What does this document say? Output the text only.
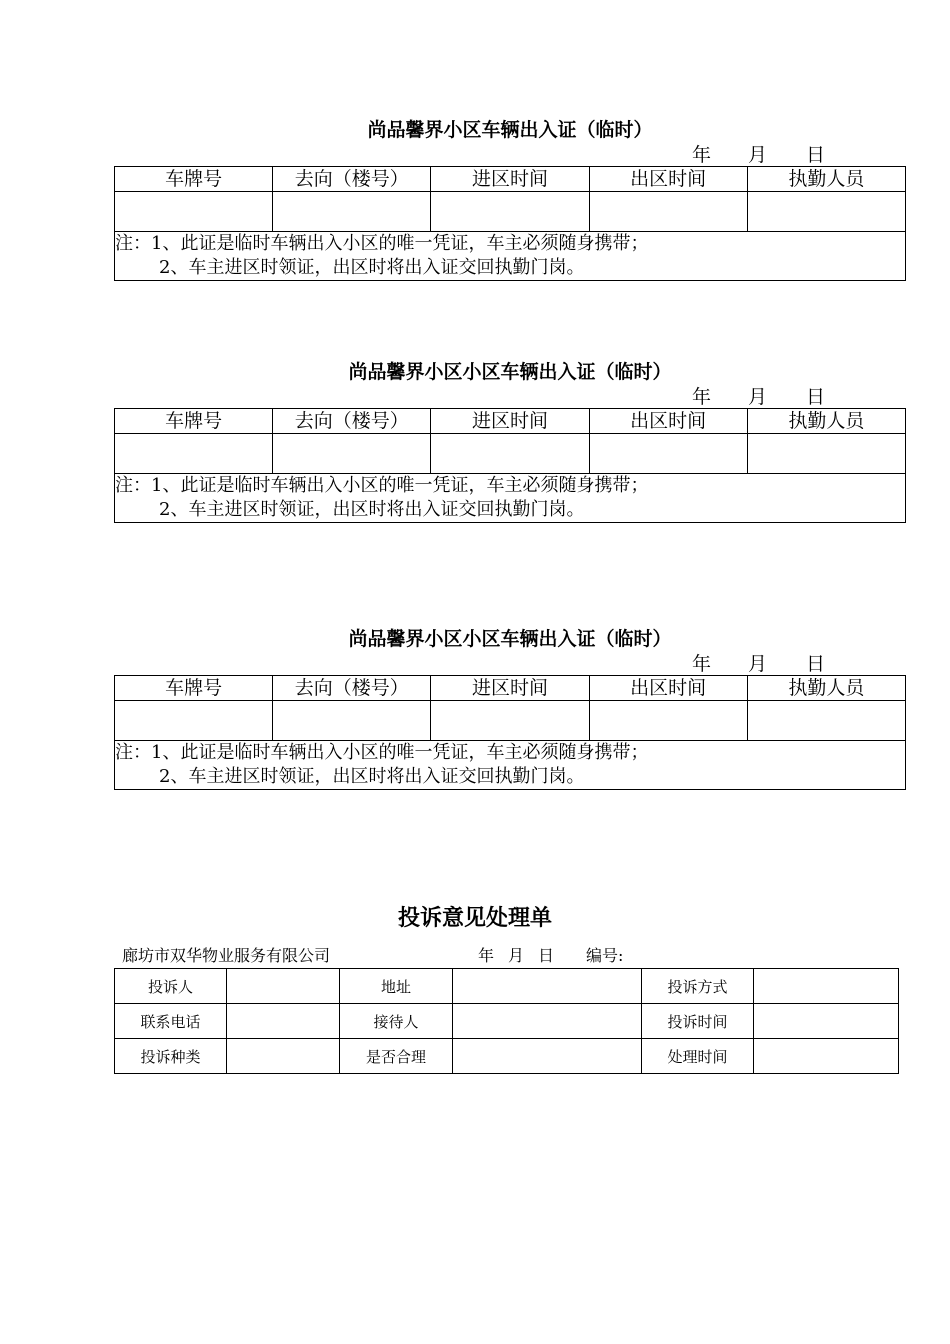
尚品馨界小区车辆出入证（临时）
年 月 日
车牌号	去向（楼号）	进区时间	出区时间	执勤人员

注：1、此证是临时车辆出入小区的唯一凭证，车主必须随身携带；
2、车主进区时领证，出区时将出入证交回执勤门岗。				
尚品馨界小区小区车辆出入证（临时）
年 月 日
车牌号	去向（楼号）	进区时间	出区时间	执勤人员

注：1、此证是临时车辆出入小区的唯一凭证，车主必须随身携带；
2、车主进区时领证，出区时将出入证交回执勤门岗。				
尚品馨界小区小区车辆出入证（临时）
年 月 日
车牌号	去向（楼号）	进区时间	出区时间	执勤人员

注：1、此证是临时车辆出入小区的唯一凭证，车主必须随身携带；
2、车主进区时领证，出区时将出入证交回执勤门岗。				
投诉意见处理单
廊坊市双华物业服务有限公司	年 月 日 编号:
投诉人		地址		投诉方式	
联系电话		接待人		投诉时间	
投诉种类		是否合理		处理时间	
